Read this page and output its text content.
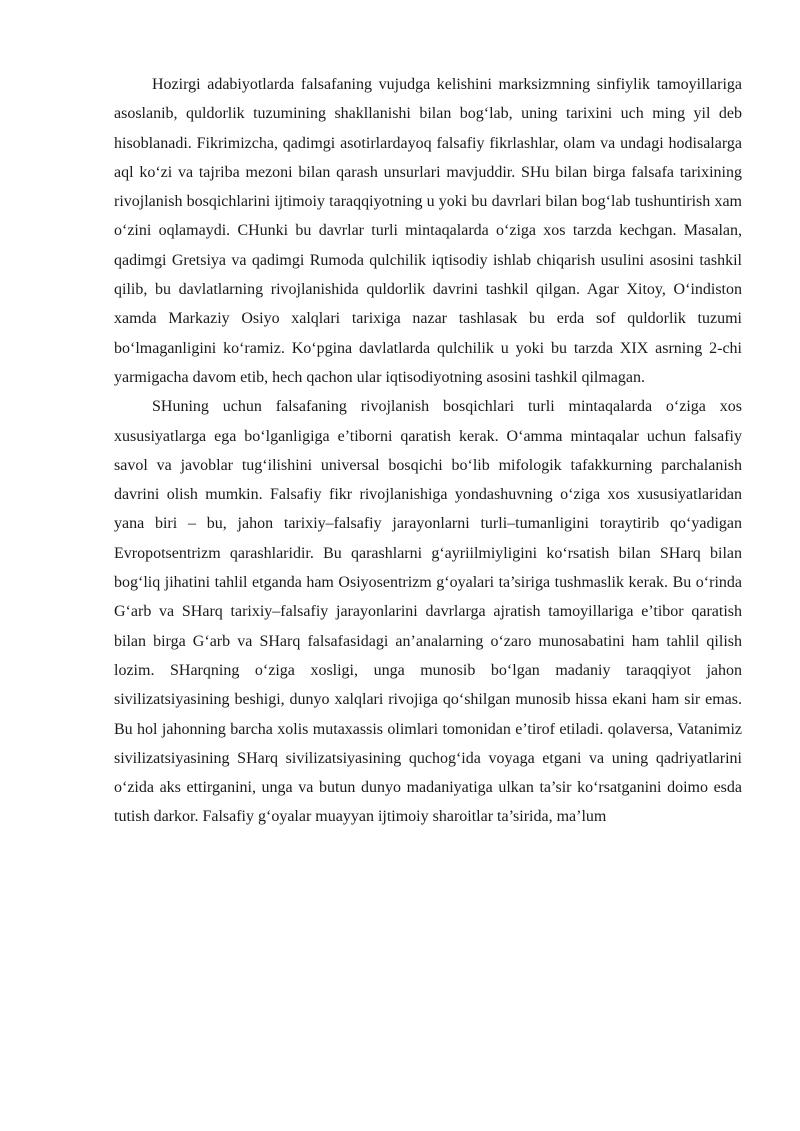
Hozirgi adabiyotlarda falsafaning vujudga kelishini marksizmning sinfiylik tamoyillariga asoslanib, quldorlik tuzumining shakllanishi bilan bog‘lab, uning tarixini uch ming yil deb hisoblanadi. Fikrimizcha, qadimgi asotirlardayoq falsafiy fikrlashlar, olam va undagi hodisalarga aql ko‘zi va tajriba mezoni bilan qarash unsurlari mavjuddir. SHu bilan birga falsafa tarixining rivojlanish bosqichlarini ijtimoiy taraqqiyotning u yoki bu davrlari bilan bog‘lab tushuntirish xam o‘zini oqlamaydi. CHunki bu davrlar turli mintaqalarda o‘ziga xos tarzda kechgan. Masalan, qadimgi Gretsiya va qadimgi Rumoda qulchilik iqtisodiy ishlab chiqarish usulini asosini tashkil qilib, bu davlatlarning rivojlanishida quldorlik davrini tashkil qilgan. Agar Xitoy, O‘indiston xamda Markaziy Osiyo xalqlari tarixiga nazar tashlasak bu erda sof quldorlik tuzumi bo‘lmaganligini ko‘ramiz. Ko‘pgina davlatlarda qulchilik u yoki bu tarzda XIX asrning 2-chi yarmigacha davom etib, hech qachon ular iqtisodiyotning asosini tashkil qilmagan.

SHuning uchun falsafaning rivojlanish bosqichlari turli mintaqalarda o‘ziga xos xususiyatlarga ega bo‘lganligiga e’tiborni qaratish kerak. O‘amma mintaqalar uchun falsafiy savol va javoblar tug‘ilishini universal bosqichi bo‘lib mifologik tafakkurning parchalanish davrini olish mumkin. Falsafiy fikr rivojlanishiga yondashuvning o‘ziga xos xususiyatlaridan yana biri – bu, jahon tarixiy–falsafiy jarayonlarni turli–tumanligini toraytirib qo‘yadigan Evropotsentrizm qarashlaridir. Bu qarashlarni g‘ayriilmiyligini ko‘rsatish bilan SHarq bilan bog‘liq jihatini tahlil etganda ham Osiyosentrizm g‘oyalari ta’siriga tushmaslik kerak. Bu o‘rinda G‘arb va SHarq tarixiy–falsafiy jarayonlarini davrlarga ajratish tamoyillariga e’tibor qaratish bilan birga G‘arb va SHarq falsafasidagi an’analarning o‘zaro munosabatini ham tahlil qilish lozim. SHarqning o‘ziga xosligi, unga munosib bo‘lgan madaniy taraqqiyot jahon sivilizatsiyasining beshigi, dunyo xalqlari rivojiga qo‘shilgan munosib hissa ekani ham sir emas. Bu hol jahonning barcha xolis mutaxassis olimlari tomonidan e’tirof etiladi. qolaversa, Vatanimiz sivilizatsiyasining SHarq sivilizatsiyasining quchog‘ida voyaga etgani va uning qadriyatlarini o‘zida aks ettirganini, unga va butun dunyo madaniyatiga ulkan ta’sir ko‘rsatganini doimo esda tutish darkor. Falsafiy g‘oyalar muayyan ijtimoiy sharoitlar ta’sirida, ma’lum
